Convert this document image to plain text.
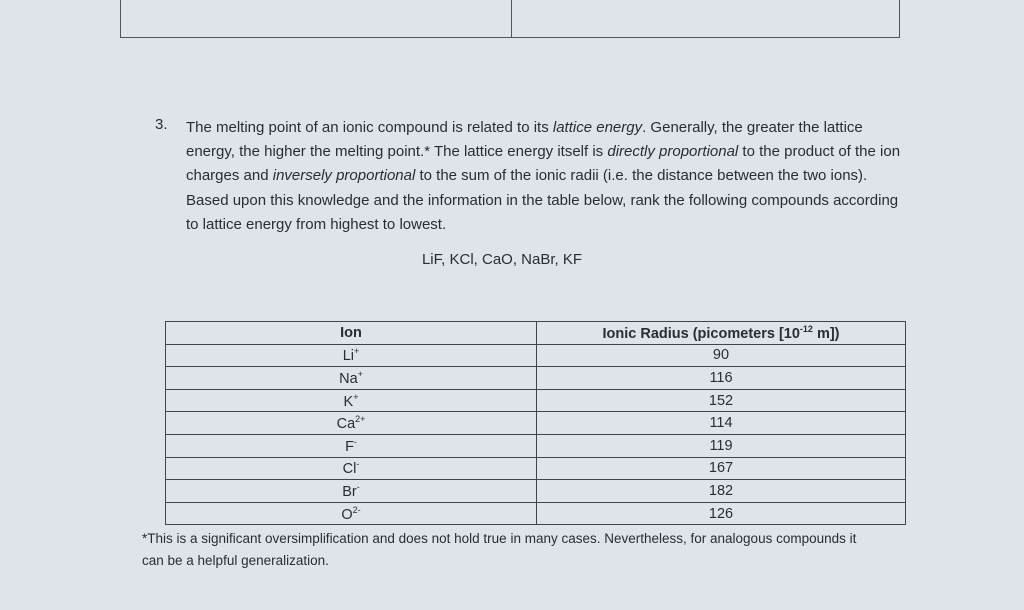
3. The melting point of an ionic compound is related to its lattice energy. Generally, the greater the lattice energy, the higher the melting point.* The lattice energy itself is directly proportional to the product of the ion charges and inversely proportional to the sum of the ionic radii (i.e. the distance between the two ions). Based upon this knowledge and the information in the table below, rank the following compounds according to lattice energy from highest to lowest.
LiF, KCl, CaO, NaBr, KF
Ion	Ionic Radius (picometers [$10^{-12}$ m])
Li+	90
Na+	116
K+	152
$Ca^{2+}$	114
F-	119
Cl-	167
Br-	182
$O^{2-}$	126
*This is a significant oversimplification and does not hold true in many cases. Nevertheless, for analogous compounds it can be a helpful generalization.
